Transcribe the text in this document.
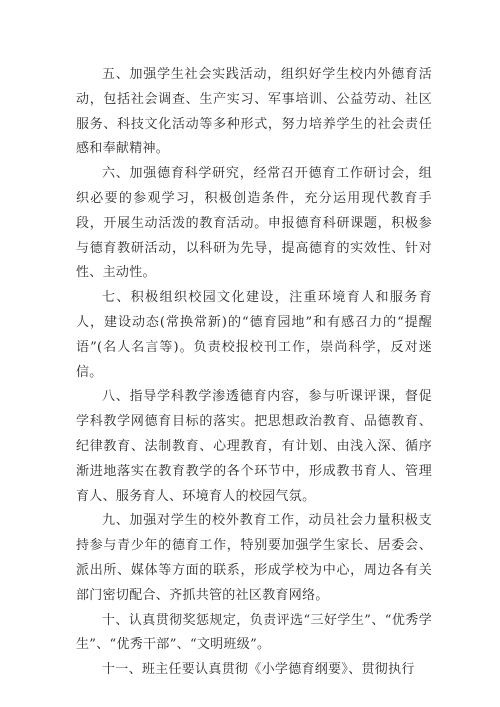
五、加强学生社会实践活动，组织好学生校内外德育活动，包括社会调查、生产实习、军事培训、公益劳动、社区服务、科技文化活动等多种形式，努力培养学生的社会责任感和奉献精神。

六、加强德育科学研究，经常召开德育工作研讨会，组织必要的参观学习，积极创造条件，充分运用现代教育手段，开展生动活泼的教育活动。申报德育科研课题，积极参与德育教研活动，以科研为先导，提高德育的实效性、针对性、主动性。

七、积极组织校园文化建设，注重环境育人和服务育人，建设动态(常换常新)的“德育园地”和有感召力的“提醒语”(名人名言等)。负责校报校刊工作，崇尚科学，反对迷信。

八、指导学科教学渗透德育内容，参与听课评课，督促学科教学网德育目标的落实。把思想政治教育、品德教育、纪律教育、法制教育、心理教育，有计划、由浅入深、循序渐进地落实在教育教学的各个环节中，形成教书育人、管理育人、服务育人、环境育人的校园气氛。

九、加强对学生的校外教育工作，动员社会力量积极支持参与青少年的德育工作，特别要加强学生家长、居委会、派出所、媒体等方面的联系，形成学校为中心，周边各有关部门密切配合、齐抓共管的社区教育网络。

十、认真贯彻奖惩规定，负责评选“三好学生”、“优秀学生”、“优秀干部”、“文明班级”。

十一、班主任要认真贯彻《小学德育纲要》、贯彻执行
